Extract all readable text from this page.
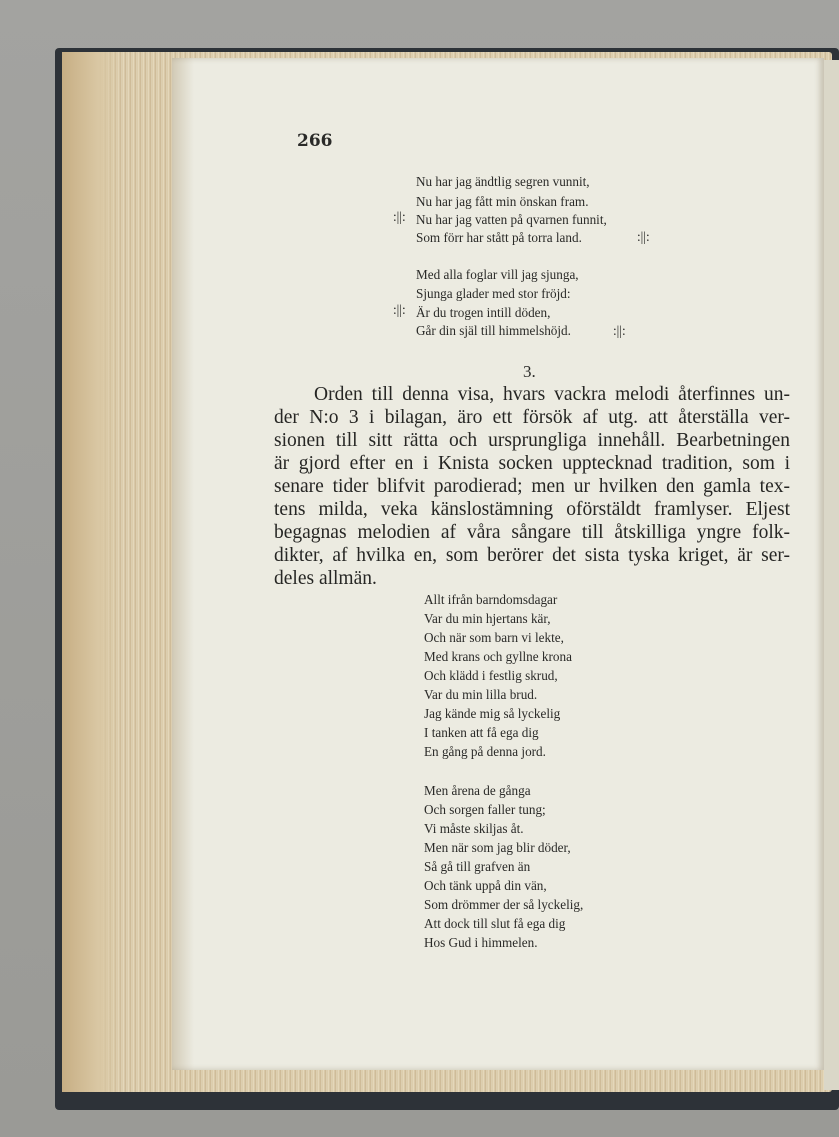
266
Nu har jag ändtlig segren vunnit,
Nu har jag fått min önskan fram.
:||: Nu har jag vatten på qvarnen funnit,
Som förr har stått på torra land.	:||:
Med alla foglar vill jag sjunga,
Sjunga glader med stor fröjd:
:||: Är du trogen intill döden,
Går din själ till himmelshöjd.	:||:
3.
Orden till denna visa, hvars vackra melodi återfinnes un-
der N:o 3 i bilagan, äro ett försök af utg. att återställa ver-
sionen till sitt rätta och ursprungliga innehåll. Bearbetningen
är gjord efter en i Knista socken upptecknad tradition, som i
senare tider blifvit parodierad; men ur hvilken den gamla tex-
tens milda, veka känslostämning oförstäldt framlyser. Eljest
begagnas melodien af våra sångare till åtskilliga yngre folk-
dikter, af hvilka en, som berörer det sista tyska kriget, är ser-
deles allmän.
Allt ifrån barndomsdagar
Var du min hjertans kär,
Och när som barn vi lekte,
Med krans och gyllne krona
Och klädd i festlig skrud,
Var du min lilla brud.
Jag kände mig så lyckelig
I tanken att få ega dig
En gång på denna jord.
Men årena de gånga
Och sorgen faller tung;
Vi måste skiljas åt.
Men när som jag blir döder,
Så gå till grafven än
Och tänk uppå din vän,
Som drömmer der så lyckelig,
Att dock till slut få ega dig
Hos Gud i himmelen.
